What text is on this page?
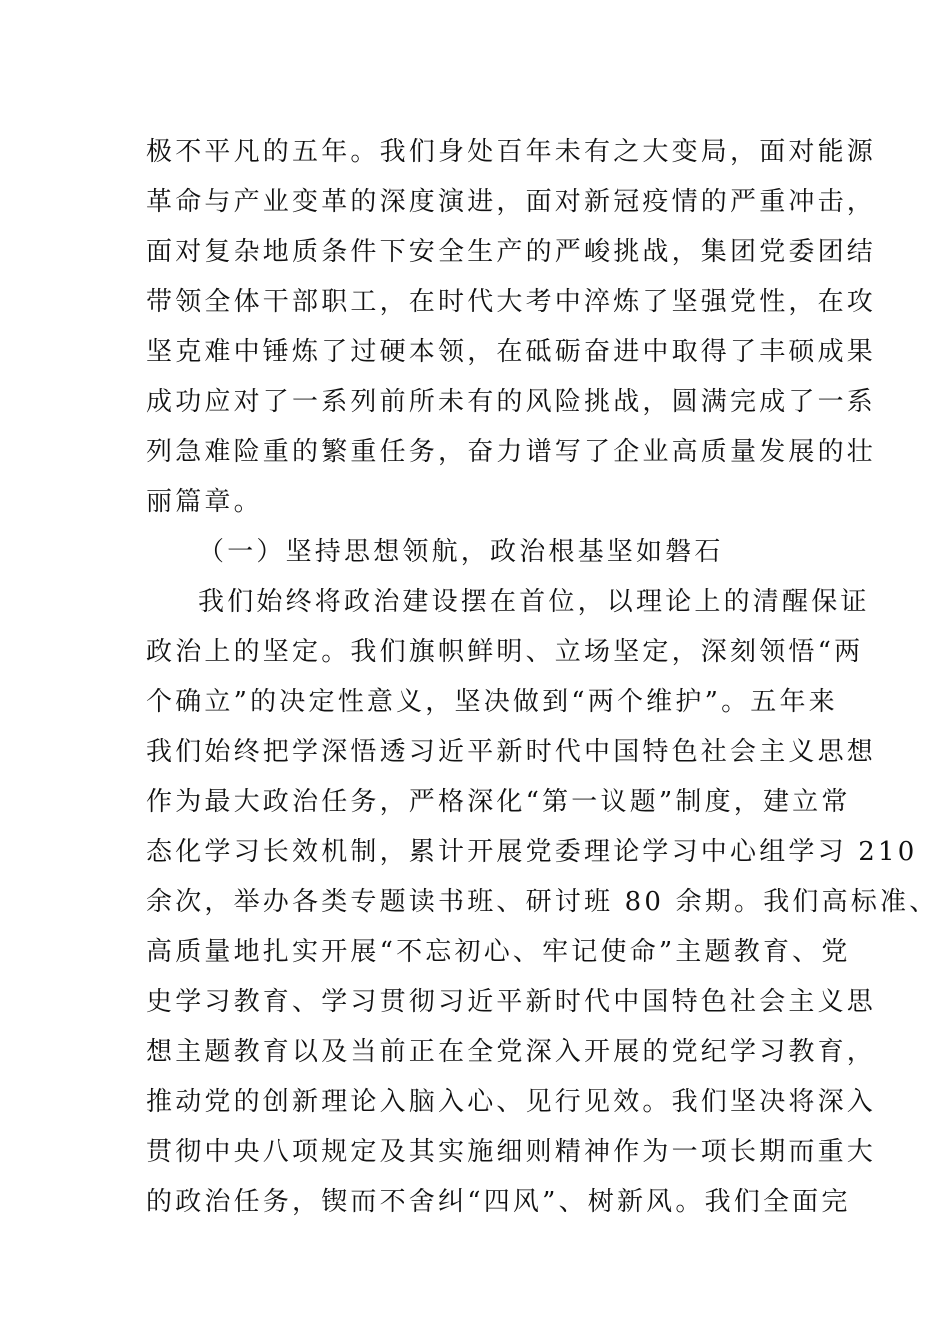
极不平凡的五年。我们身处百年未有之大变局，面对能源
革命与产业变革的深度演进，面对新冠疫情的严重冲击，
面对复杂地质条件下安全生产的严峻挑战，集团党委团结
带领全体干部职工，在时代大考中淬炼了坚强党性，在攻
坚克难中锤炼了过硬本领，在砥砺奋进中取得了丰硕成果
成功应对了一系列前所未有的风险挑战，圆满完成了一系
列急难险重的繁重任务，奋力谱写了企业高质量发展的壮
丽篇章。
（一）坚持思想领航，政治根基坚如磐石
我们始终将政治建设摆在首位，以理论上的清醒保证
政治上的坚定。我们旗帜鲜明、立场坚定，深刻领悟“两
个确立”的决定性意义，坚决做到“两个维护”。五年来
我们始终把学深悟透习近平新时代中国特色社会主义思想
作为最大政治任务，严格深化“第一议题”制度，建立常
态化学习长效机制，累计开展党委理论学习中心组学习 210
余次，举办各类专题读书班、研讨班 80 余期。我们高标准、
高质量地扎实开展“不忘初心、牢记使命”主题教育、党
史学习教育、学习贯彻习近平新时代中国特色社会主义思
想主题教育以及当前正在全党深入开展的党纪学习教育，
推动党的创新理论入脑入心、见行见效。我们坚决将深入
贯彻中央八项规定及其实施细则精神作为一项长期而重大
的政治任务，锲而不舍纠“四风”、树新风。我们全面完
